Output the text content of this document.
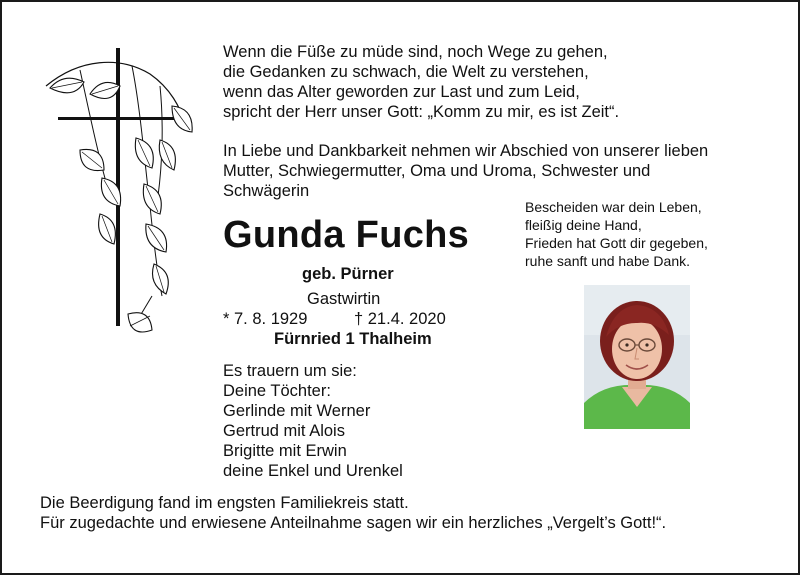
Wenn die Füße zu müde sind, noch Wege zu gehen,
die Gedanken zu schwach, die Welt zu verstehen,
wenn das Alter geworden zur Last und zum Leid,
spricht der Herr unser Gott: „Komm zu mir, es ist Zeit“.
In Liebe und Dankbarkeit nehmen wir Abschied von unserer lieben
Mutter, Schwiegermutter, Oma und Uroma, Schwester und
Schwägerin
Gunda Fuchs
geb. Pürner
Gastwirtin
* 7. 8. 1929	† 21.4. 2020
Fürnried 1 Thalheim
Es trauern um sie:
Deine Töchter:
Gerlinde mit Werner
Gertrud mit Alois
Brigitte mit Erwin
deine Enkel und Urenkel
Bescheiden war dein Leben,
fleißig deine Hand,
Frieden hat Gott dir gegeben,
ruhe sanft und habe Dank.
Die Beerdigung fand im engsten Familiekreis statt.
Für zugedachte und erwiesene Anteilnahme sagen wir ein herzliches „Vergelt’s Gott!“.
